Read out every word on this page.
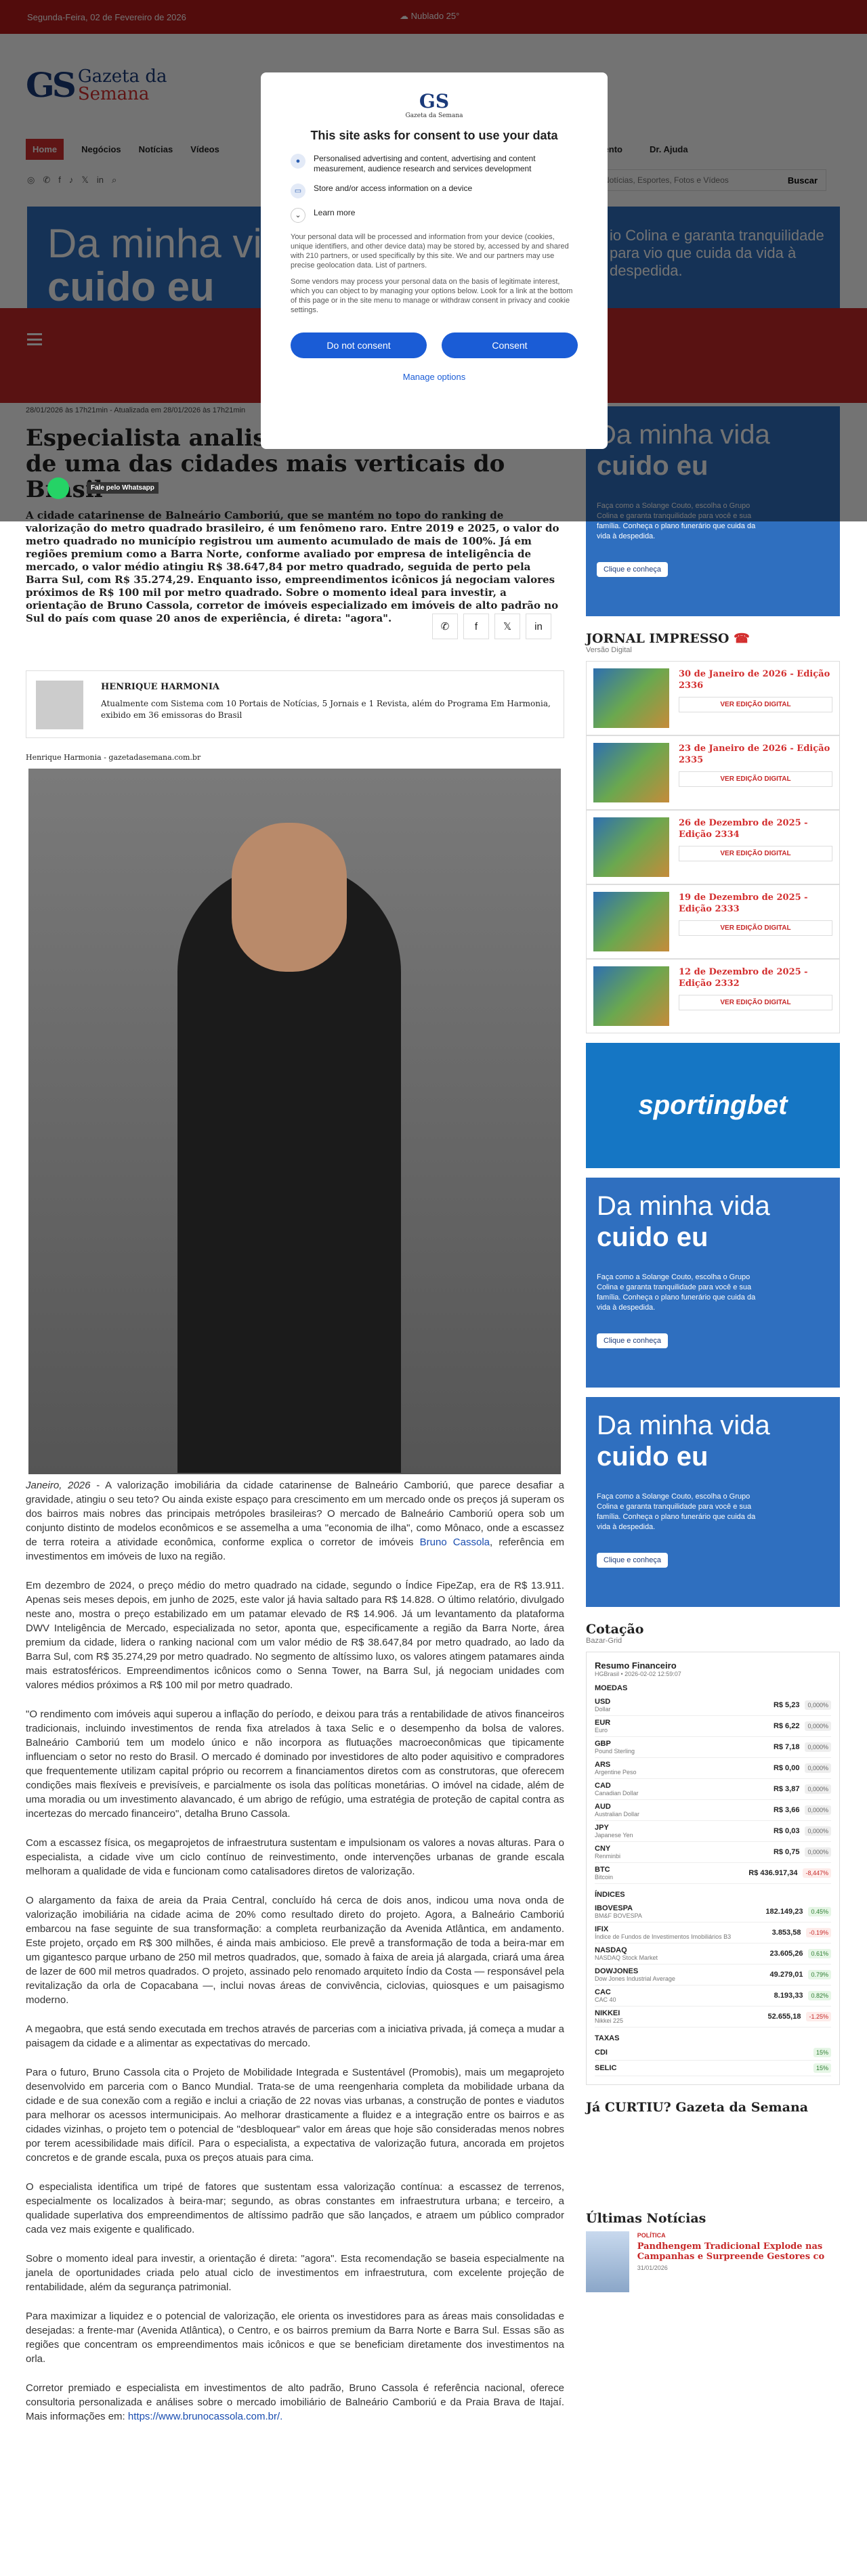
Notícias, Esportes, Fotos e Vídeos

valorização do metro quadrado brasileiro, é um fenômeno raro. Entre 2019 e 2025, o valor do metro quadrado no município registrou um aumento acumulado de mais de 100%. Já em regiões premium como a Barra Norte, conforme avaliado por empresa de inteligência de mercado, o valor médio atingiu R$ 38.647,84 por metro quadrado, seguida de perto pela Barra Sul, com R$ 35.274,29. Enquanto isso, empreendimentos icônicos já negociam valores próximos de R$ 100 mil por metro quadrado. Sobre o momento ideal para investir, a orientação de Bruno Cassola, corretor de imóveis especializado em imóveis de alto padrão no Sul do país com quase 20 anos de experiência, é direta: "agora".

✆	f	𝕏	in
HENRIQUE HARMONIA

Atualmente com Sistema com 10 Portais de Notícias, 5 Jornais e 1 Revista, além do Programa Em Harmonia, exibido em 36 emissoras do Brasil

Henrique Harmonia - gazetadasemana.com.br

Janeiro, 2026 - A valorização imobiliária da cidade catarinense de Balneário Camboriú, que parece desafiar a gravidade, atingiu o seu teto? Ou ainda existe espaço para crescimento em um mercado onde os preços já superam os dos bairros mais nobres das principais metrópoles brasileiras? O mercado de Balneário Camboriú opera sob um conjunto distinto de modelos econômicos e se assemelha a uma "economia de ilha", como Mônaco, onde a escassez de terra roteira a atividade econômica, conforme explica o corretor de imóveis Bruno Cassola, referência em investimentos em imóveis de luxo na região.

Em dezembro de 2024, o preço médio do metro quadrado na cidade, segundo o Índice FipeZap, era de R$ 13.911. Apenas seis meses depois, em junho de 2025, este valor já havia saltado para R$ 14.828. O último relatório, divulgado neste ano, mostra o preço estabilizado em um patamar elevado de R$ 14.906. Já um levantamento da plataforma DWV Inteligência de Mercado, especializada no setor, aponta que, especificamente a região da Barra Norte, área premium da cidade, lidera o ranking nacional com um valor médio de R$ 38.647,84 por metro quadrado, ao lado da Barra Sul, com R$ 35.274,29 por metro quadrado. No segmento de altíssimo luxo, os valores atingem patamares ainda mais estratosféricos. Empreendimentos icônicos como o Senna Tower, na Barra Sul, já negociam unidades com valores médios próximos a R$ 100 mil por metro quadrado.

"O rendimento com imóveis aqui superou a inflação do período, e deixou para trás a rentabilidade de ativos financeiros tradicionais, incluindo investimentos de renda fixa atrelados à taxa Selic e o desempenho da bolsa de valores. Balneário Camboriú tem um modelo único e não incorpora as flutuações macroeconômicas que tipicamente influenciam o setor no resto do Brasil. O mercado é dominado por investidores de alto poder aquisitivo e compradores que frequentemente utilizam capital próprio ou recorrem a financiamentos diretos com as construtoras, que oferecem condições mais flexíveis e previsíveis, e parcialmente os isola das políticas monetárias. O imóvel na cidade, além de uma moradia ou um investimento alavancado, é um abrigo de refúgio, uma estratégia de proteção de capital contra as incertezas do mercado financeiro", detalha Bruno Cassola.

Com a escassez física, os megaprojetos de infraestrutura sustentam e impulsionam os valores a novas alturas. Para o especialista, a cidade vive um ciclo contínuo de reinvestimento, onde intervenções urbanas de grande escala melhoram a qualidade de vida e funcionam como catalisadores diretos de valorização.

O alargamento da faixa de areia da Praia Central, concluído há cerca de dois anos, indicou uma nova onda de valorização imobiliária na cidade acima de 20% como resultado direto do projeto. Agora, a Balneário Camboriú embarcou na fase seguinte de sua transformação: a completa reurbanização da Avenida Atlântica, em andamento. Este projeto, orçado em R$ 300 milhões, é ainda mais ambicioso. Ele prevê a transformação de toda a beira-mar em um gigantesco parque urbano de 250 mil metros quadrados, que, somado à faixa de areia já alargada, criará uma área de lazer de 600 mil metros quadrados. O projeto, assinado pelo renomado arquiteto Índio da Costa — responsável pela revitalização da orla de Copacabana —, inclui novas áreas de convivência, ciclovias, quiosques e um paisagismo moderno.

A megaobra, que está sendo executada em trechos através de parcerias com a iniciativa privada, já começa a mudar a paisagem da cidade e a alimentar as expectativas do mercado.

Para o futuro, Bruno Cassola cita o Projeto de Mobilidade Integrada e Sustentável (Promobis), mais um megaprojeto desenvolvido em parceria com o Banco Mundial. Trata-se de uma reengenharia completa da mobilidade urbana da cidade e de sua conexão com a região e inclui a criação de 22 novas vias urbanas, a construção de pontes e viadutos para melhorar os acessos intermunicipais. Ao melhorar drasticamente a fluidez e a integração entre os bairros e as cidades vizinhas, o projeto tem o potencial de "desbloquear" valor em áreas que hoje são consideradas menos nobres por terem acessibilidade mais difícil. Para o especialista, a expectativa de valorização futura, ancorada em projetos concretos e de grande escala, puxa os preços atuais para cima.

O especialista identifica um tripé de fatores que sustentam essa valorização contínua: a escassez de terrenos, especialmente os localizados à beira-mar; segundo, as obras constantes em infraestrutura urbana; e terceiro, a qualidade superlativa dos empreendimentos de altíssimo padrão que são lançados, e atraem um público comprador cada vez mais exigente e qualificado.

Sobre o momento ideal para investir, a orientação é direta: "agora". Esta recomendação se baseia especialmente na janela de oportunidades criada pelo atual ciclo de investimentos em infraestrutura, com excelente projeção de rentabilidade, além da segurança patrimonial.

Para maximizar a liquidez e o potencial de valorização, ele orienta os investidores para as áreas mais consolidadas e desejadas: a frente-mar (Avenida Atlântica), o Centro, e os bairros premium da Barra Norte e Barra Sul. Essas são as regiões que concentram os empreendimentos mais icônicos e que se beneficiam diretamente dos investimentos na orla.

Corretor premiado e especialista em investimentos de alto padrão, Bruno Cassola é referência nacional, oferece consultoria personalizada e análises sobre o mercado imobiliário de Balneário Camboriú e da Praia Brava de Itajaí. Mais informações em: https://www.brunocassola.com.br/.

família. Conheça o plano funerário que cuida da vida à despedida.
Clique e conheça
JORNAL IMPRESSO ☎
Versão Digital
30 de Janeiro de 2026 - Edição 2336
VER EDIÇÃO DIGITAL
23 de Janeiro de 2026 - Edição 2335
VER EDIÇÃO DIGITAL
26 de Dezembro de 2025 - Edição 2334
VER EDIÇÃO DIGITAL
19 de Dezembro de 2025 - Edição 2333
VER EDIÇÃO DIGITAL
12 de Dezembro de 2025 - Edição 2332
VER EDIÇÃO DIGITAL
sportingbet
Da minha vida
cuido eu
Faça como a Solange Couto, escolha o Grupo Colina e garanta tranquilidade para você e sua família. Conheça o plano funerário que cuida da vida à despedida.
Clique e conheça
Da minha vida
cuido eu
Faça como a Solange Couto, escolha o Grupo Colina e garanta tranquilidade para você e sua família. Conheça o plano funerário que cuida da vida à despedida.
Clique e conheça
Cotação
Bazar-Grid
Resumo Financeiro
HGBrasil • 2026-02-02 12:59:07
MOEDAS
USD
Dollar	R$ 5,23 0,000%
EUR
Euro	R$ 6,22 0,000%
GBP
Pound Sterling	R$ 7,18 0,000%
ARS
Argentine Peso	R$ 0,00 0,000%
CAD
Canadian Dollar	R$ 3,87 0,000%
AUD
Australian Dollar	R$ 3,66 0,000%
JPY
Japanese Yen	R$ 0,03 0,000%
CNY
Renminbi	R$ 0,75 0,000%
BTC
Bitcoin	R$ 436.917,34 -8,447%
ÍNDICES
IBOVESPA
BM&F BOVESPA	182.149,23 0.45%
IFIX
Índice de Fundos de Investimentos Imobiliários B3	3.853,58 -0.19%
NASDAQ
NASDAQ Stock Market	23.605,26 0.61%
DOWJONES
Dow Jones Industrial Average	49.279,01 0.79%
CAC
CAC 40	8.193,33 0.82%
NIKKEI
Nikkei 225	52.655,18 -1.25%
TAXAS
CDI	15%
SELIC	15%
Já CURTIU? Gazeta da Semana
Últimas Notícias
POLÍTICA
Pandhengem Tradicional Explode nas Campanhas e Surpreende Gestores co
31/01/2026
Fale pelo Whatsapp
GS
Gazeta da Semana
This site asks for consent to use your data
●	Personalised advertising and content, advertising and content measurement, audience research and services development
▭	Store and/or access information on a device
⌄	Learn more

Your personal data will be processed and information from your device (cookies, unique identifiers, and other device data) may be stored by, accessed by and shared with 210 partners, or used specifically by this site. We and our partners may use precise geolocation data. List of partners.

Some vendors may process your personal data on the basis of legitimate interest, which you can object to by managing your options below. Look for a link at the bottom of this page or in the site menu to manage or withdraw consent in privacy and cookie settings.

Do not consent	Consent
Manage options
